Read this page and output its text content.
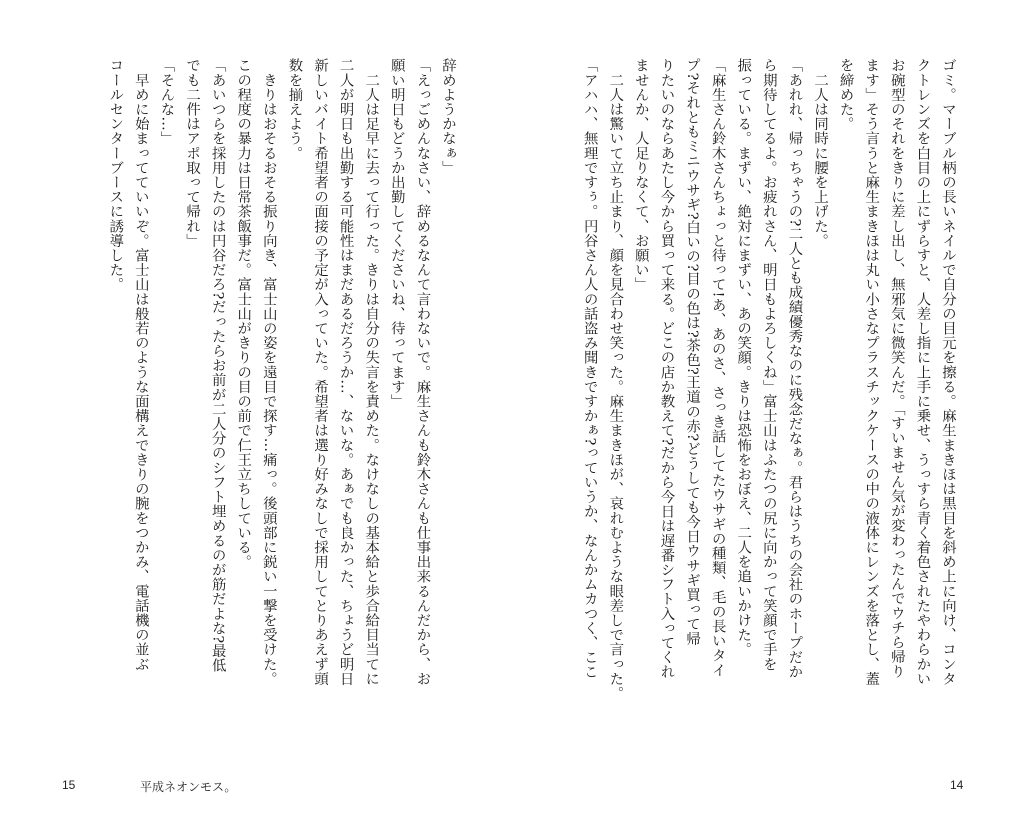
辞めようかなぁ」
「えっごめんなさい、辞めるなんて言わないで。麻生さんも鈴木さんも仕事出来るんだから、お
願い明日もどうか出勤してくださいね、待ってます」
　二人は足早に去って行った。きりは自分の失言を責めた。なけなしの基本給と歩合給目当てに
二人が明日も出勤する可能性はまだあるだろうか…、ないな。あぁでも良かった、ちょうど明日
新しいバイト希望者の面接の予定が入っていた。希望者は選り好みなしで採用してとりあえず頭
数を揃えよう。
　きりはおそるおそる振り向き、富士山の姿を遠目で探す…痛っ。後頭部に鋭い一撃を受けた。
この程度の暴力は日常茶飯事だ。富士山がきりの目の前で仁王立ちしている。
「あいつらを採用したのは円谷だろ?だったらお前が二人分のシフト埋めるのが筋だよな?最低
でも二件はアポ取って帰れ」
「そんな…」
　早めに始まってていいぞ。富士山は般若のような面構えできりの腕をつかみ、電話機の並ぶ
コールセンターブースに誘導した。
15	平成ネオンモス。
ゴミ。マーブル柄の長いネイルで自分の目元を擦る。麻生まきほは黒目を斜め上に向け、コンタ
クトレンズを白目の上にずらすと、人差し指に上手に乗せ、うっすら青く着色されたやわらかい
お碗型のそれをきりに差し出し、無邪気に微笑んだ。「すいません気が変わったんでウチら帰り
ます」そう言うと麻生まきほは丸い小さなプラスチックケースの中の液体にレンズを落とし、蓋
を締めた。
　二人は同時に腰を上げた。
「あれれ、帰っちゃうの?二人とも成績優秀なのに残念だなぁ。君らはうちの会社のホープだか
ら期待してるよ。お疲れさん、明日もよろしくね」富士山はふたつの尻に向かって笑顔で手を
振っている。まずい、絶対にまずい、あの笑顔。きりは恐怖をおぼえ、二人を追いかけた。
「麻生さん鈴木さんちょっと待って!あ、あのさ、さっき話してたウサギの種類、毛の長いタイ
プ?それともミニウサギ?白いの?目の色は?茶色?王道の赤?どうしても今日ウサギ買って帰
りたいのならあたし今から買って来る。どこの店か教えて?だから今日は遅番シフト入ってくれ
ませんか、人足りなくて、お願い」
　二人は驚いて立ち止まり、顔を見合わせ笑った。麻生まきほが、哀れむような眼差しで言った。
「アハハ、無理ですぅ。円谷さん人の話盗み聞きですかぁ?っていうか、なんかムカつく、ここ
14
